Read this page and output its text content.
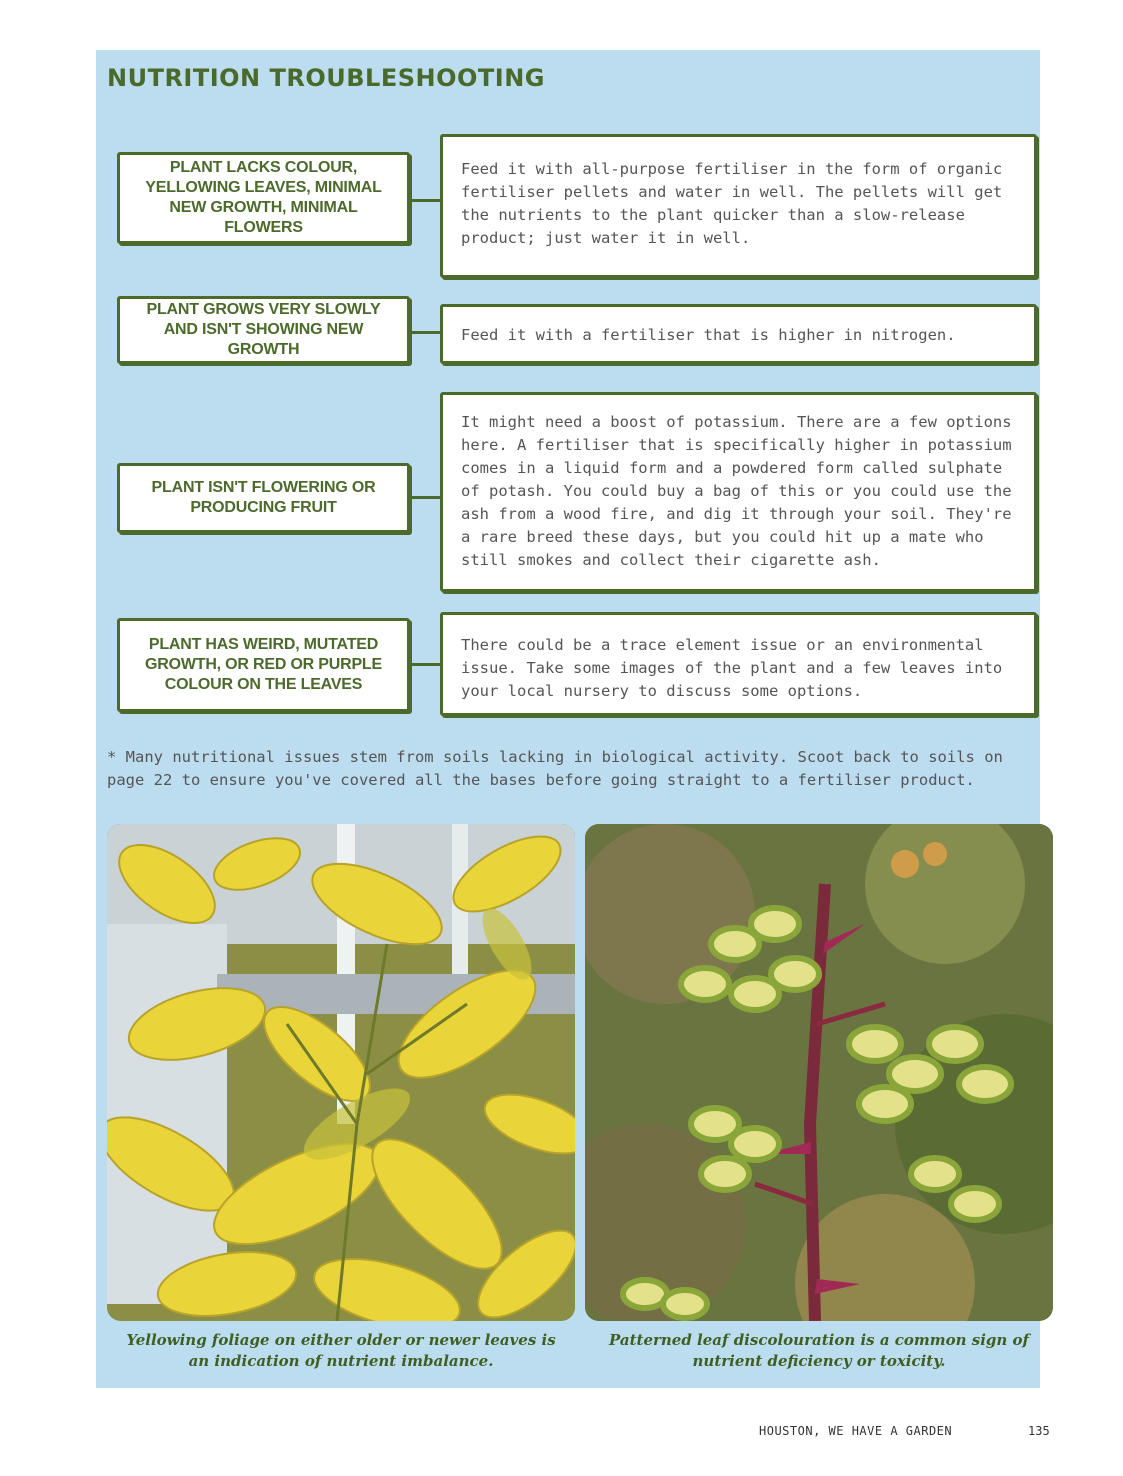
NUTRITION TROUBLESHOOTING
PLANT LACKS COLOUR, YELLOWING LEAVES, MINIMAL NEW GROWTH, MINIMAL FLOWERS
Feed it with all-purpose fertiliser in the form of organic fertiliser pellets and water in well. The pellets will get the nutrients to the plant quicker than a slow-release product; just water it in well.
PLANT GROWS VERY SLOWLY AND ISN'T SHOWING NEW GROWTH
Feed it with a fertiliser that is higher in nitrogen.
PLANT ISN'T FLOWERING OR PRODUCING FRUIT
It might need a boost of potassium. There are a few options here. A fertiliser that is specifically higher in potassium comes in a liquid form and a powdered form called sulphate of potash. You could buy a bag of this or you could use the ash from a wood fire, and dig it through your soil. They're a rare breed these days, but you could hit up a mate who still smokes and collect their cigarette ash.
PLANT HAS WEIRD, MUTATED GROWTH, OR RED OR PURPLE COLOUR ON THE LEAVES
There could be a trace element issue or an environmental issue. Take some images of the plant and a few leaves into your local nursery to discuss some options.
* Many nutritional issues stem from soils lacking in biological activity. Scoot back to soils on page 22 to ensure you've covered all the bases before going straight to a fertiliser product.
Yellowing foliage on either older or newer leaves is an indication of nutrient imbalance.
Patterned leaf discolouration is a common sign of nutrient deficiency or toxicity.
HOUSTON, WE HAVE A GARDEN	135
